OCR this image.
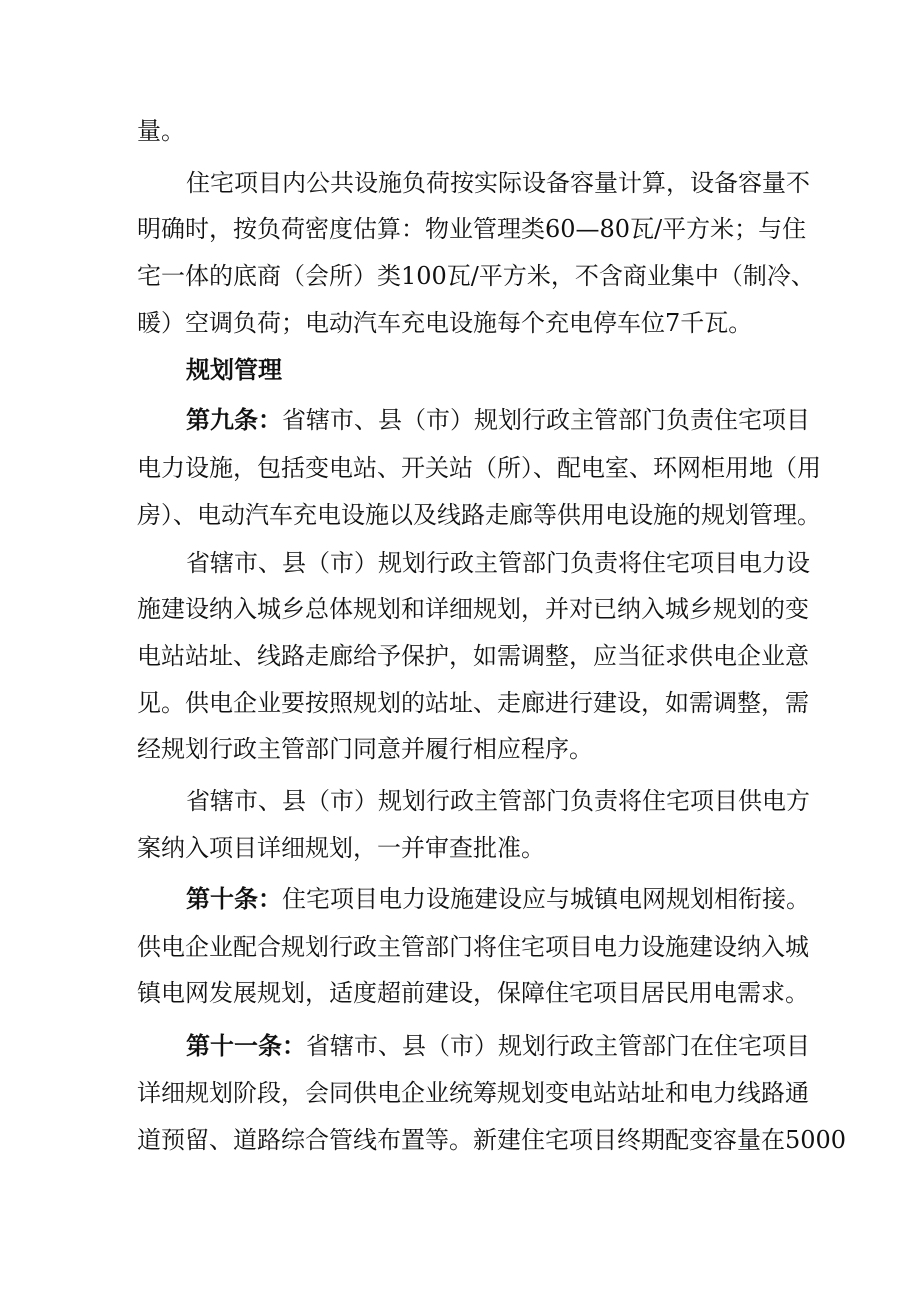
量。
住宅项目内公共设施负荷按实际设备容量计算，设备容量不
明确时，按负荷密度估算：物业管理类60—80瓦/平方米；与住
宅一体的底商（会所）类100瓦/平方米，不含商业集中（制冷、
暖）空调负荷；电动汽车充电设施每个充电停车位7千瓦。
规划管理
第九条：省辖市、县（市）规划行政主管部门负责住宅项目
电力设施，包括变电站、开关站（所）、配电室、环网柜用地（用
房）、电动汽车充电设施以及线路走廊等供用电设施的规划管理。
省辖市、县（市）规划行政主管部门负责将住宅项目电力设
施建设纳入城乡总体规划和详细规划，并对已纳入城乡规划的变
电站站址、线路走廊给予保护，如需调整，应当征求供电企业意
见。供电企业要按照规划的站址、走廊进行建设，如需调整，需
经规划行政主管部门同意并履行相应程序。
省辖市、县（市）规划行政主管部门负责将住宅项目供电方
案纳入项目详细规划，一并审查批准。
第十条：住宅项目电力设施建设应与城镇电网规划相衔接。
供电企业配合规划行政主管部门将住宅项目电力设施建设纳入城
镇电网发展规划，适度超前建设，保障住宅项目居民用电需求。
第十一条：省辖市、县（市）规划行政主管部门在住宅项目
详细规划阶段，会同供电企业统筹规划变电站站址和电力线路通
道预留、道路综合管线布置等。新建住宅项目终期配变容量在5000
